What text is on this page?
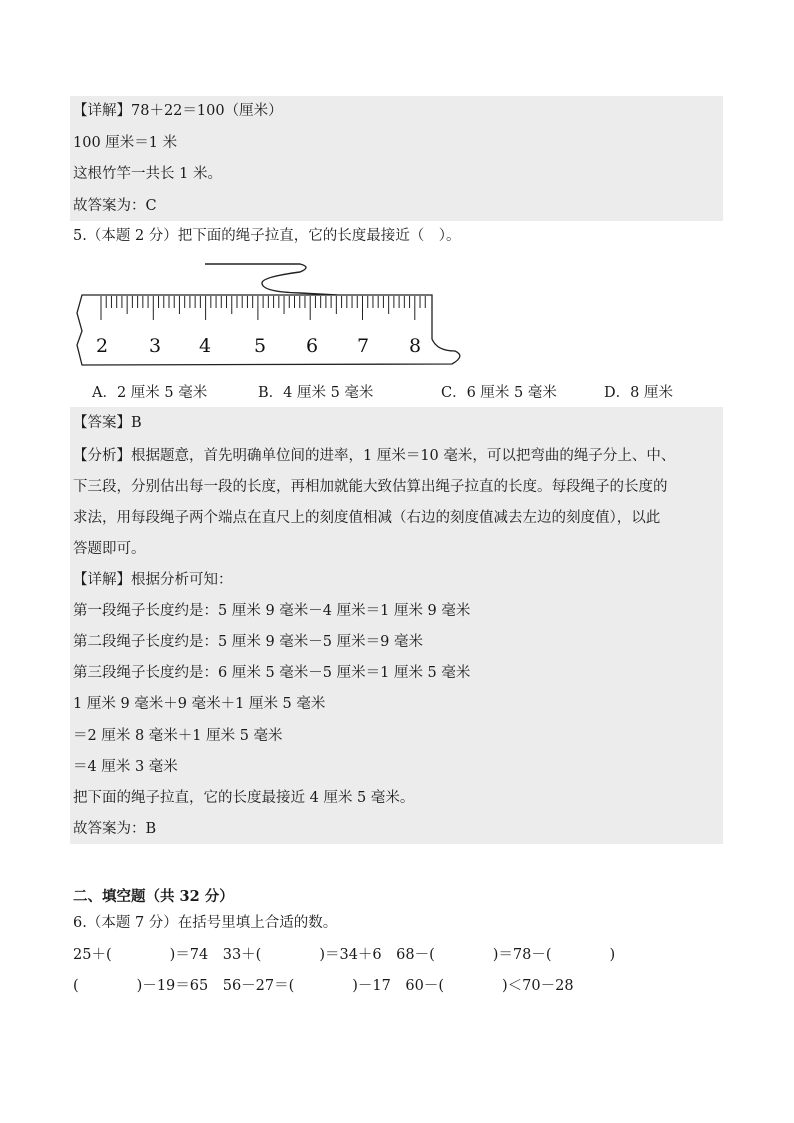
【详解】78＋22＝100（厘米）
100 厘米＝1 米
这根竹竿一共长 1 米。
故答案为：C
5.（本题 2 分）把下面的绳子拉直，它的长度最接近（　）。
2 3 4 5 6 7 8
A．2 厘米 5 毫米	B．4 厘米 5 毫米	C．6 厘米 5 毫米	D．8 厘米
【答案】B
【分析】根据题意，首先明确单位间的进率，1 厘米＝10 毫米，可以把弯曲的绳子分上、中、
下三段，分别估出每一段的长度，再相加就能大致估算出绳子拉直的长度。每段绳子的长度的
求法，用每段绳子两个端点在直尺上的刻度值相减（右边的刻度值减去左边的刻度值），以此
答题即可。
【详解】根据分析可知：
第一段绳子长度约是：5 厘米 9 毫米－4 厘米＝1 厘米 9 毫米
第二段绳子长度约是：5 厘米 9 毫米－5 厘米＝9 毫米
第三段绳子长度约是：6 厘米 5 毫米－5 厘米＝1 厘米 5 毫米
1 厘米 9 毫米＋9 毫米＋1 厘米 5 毫米
＝2 厘米 8 毫米＋1 厘米 5 毫米
＝4 厘米 3 毫米
把下面的绳子拉直，它的长度最接近 4 厘米 5 毫米。
故答案为：B
二、填空题（共 32 分）
6.（本题 7 分）在括号里填上合适的数。
25＋(　　　　)＝74　33＋(　　　　)＝34＋6　68－(　　　　)＝78－(　　　　)
(　　　　)－19＝65　56－27＝(　　　　)－17　60－(　　　　)＜70－28
